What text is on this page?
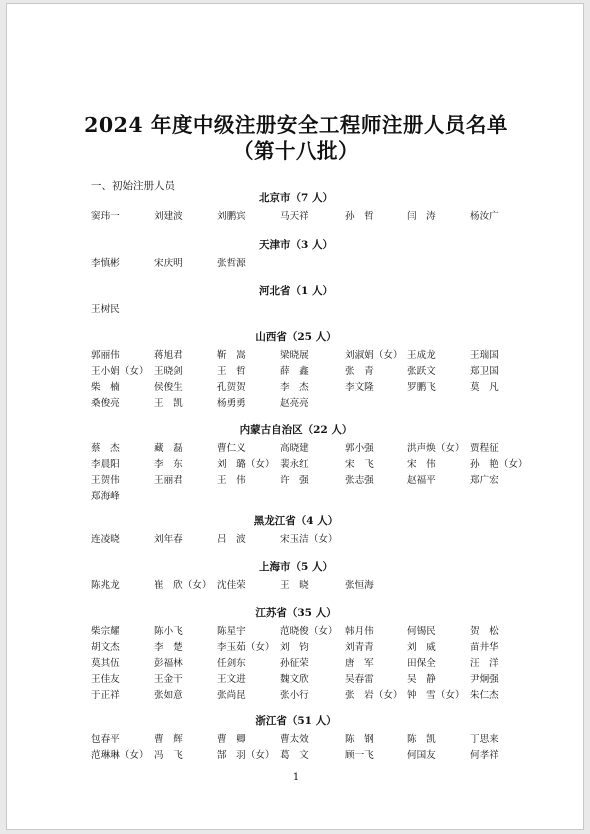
2024 年度中级注册安全工程师注册人员名单
（第十八批）
一、初始注册人员
北京市（7 人）
窦玮一	刘建波	刘鹏宾	马天祥	孙　哲	闫　涛	杨汝广
天津市（3 人）
李慎彬	宋庆明	张哲源
河北省（1 人）
王树民
山西省（25 人）
郭丽伟	蒋旭君	靳　嵩	梁晓展	刘淑娟（女） 王成龙	王瑞国
王小娟（女） 王晓剑	王　哲	薛　鑫	张　青	张跃文	郑卫国
柴　楠	侯俊生	孔贺贺	李　杰	李文隆	罗鹏飞	莫　凡
桑俊亮	王　凯	杨勇勇	赵亮亮
内蒙古自治区（22 人）
蔡　杰	藏　磊	曹仁义	高晓建	郭小强	洪声焕（女） 贾程征
李晨阳	李　东	刘　璐（女） 裴永红	宋　飞	宋　伟	孙　艳（女）
王贺伟	王丽君	王　伟	许　强	张志强	赵福平	郑广宏
郑海峰
黑龙江省（4 人）
连凌晓	刘年春	吕　波	宋玉洁（女）
上海市（5 人）
陈兆龙	崔　欣（女） 沈佳荣	王　晓	张恒海
江苏省（35 人）
柴宗耀	陈小飞	陈星宇	范晓俊（女） 韩月伟	何锡民	贺　松
胡文杰	李　楚	李玉茹（女） 刘　钧	刘青青	刘　威	苗井华
莫其伍	彭福林	任剑东	孙征荣	唐　军	田保全	汪　洋
王佳友	王金干	王文进	魏文欣	吴春雷	吴　静	尹炯强
于正祥	张如意	张尚昆	张小行	张　岩（女） 钟　雪（女） 朱仁杰
浙江省（51 人）
包春平	曹　辉	曹　卿	曹太效	陈　钢	陈　凯	丁思来
范琳琳（女） 冯　飞	郜　羽（女） 葛　文	顾一飞	何国友	何孝祥
1
